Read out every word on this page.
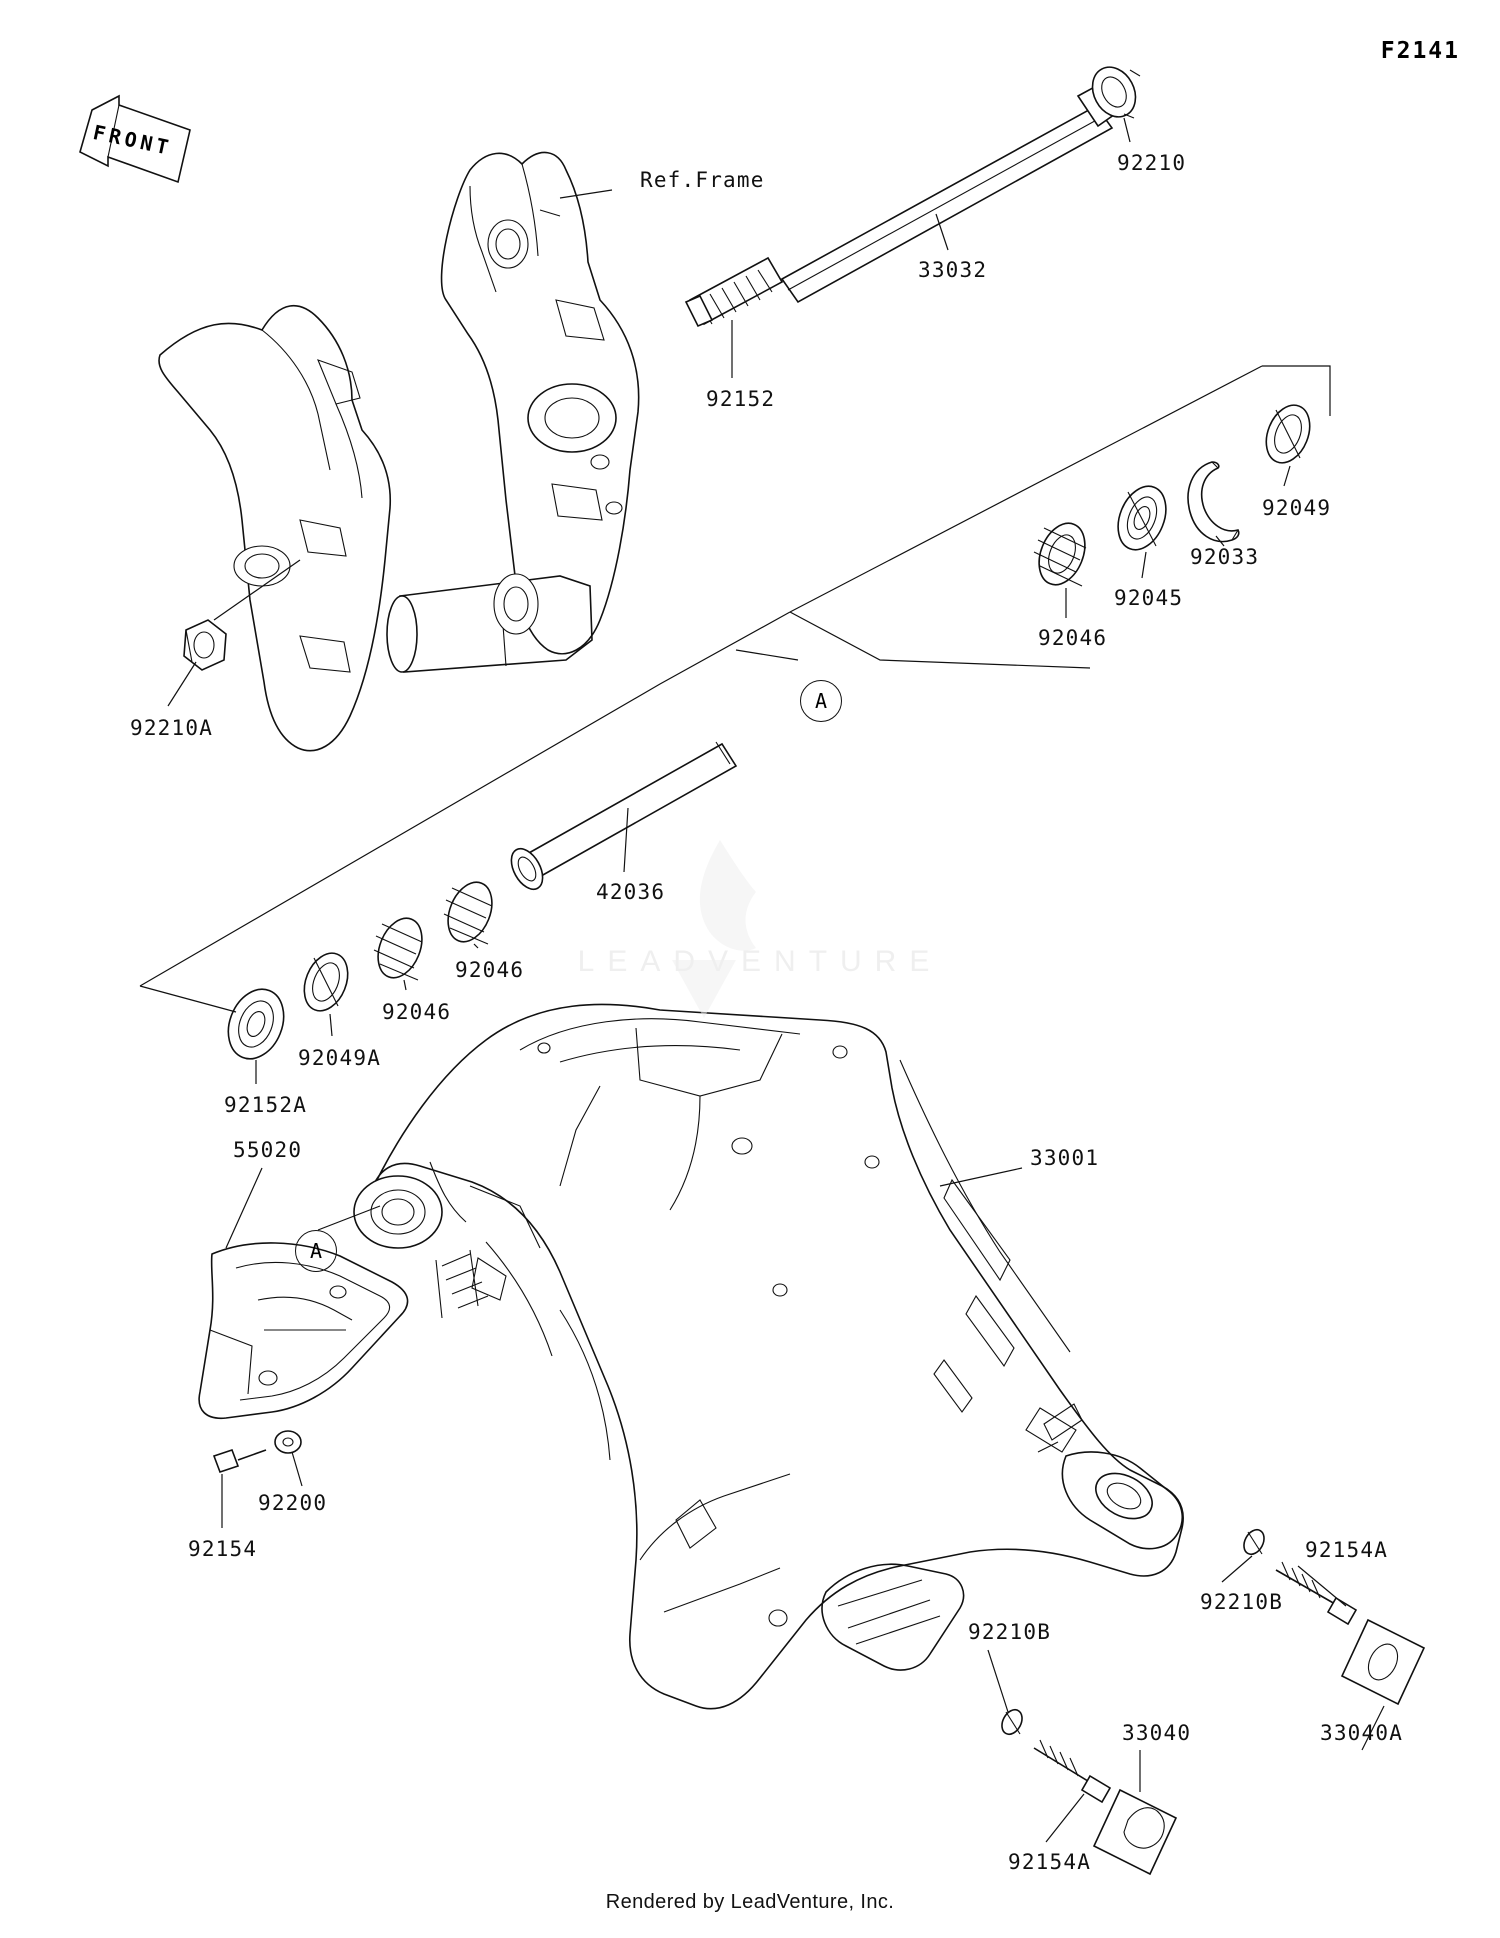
F2141
FRONT
Ref.Frame
92210
33032
92152
92049
92033
92045
92046
92210A
42036
92046
92046
92049A
92152A
55020	33001
92200
92154	92154A
92210B
92210B
33040	33040A
92154A
A
A
LEADVENTURE
Rendered by LeadVenture, Inc.
